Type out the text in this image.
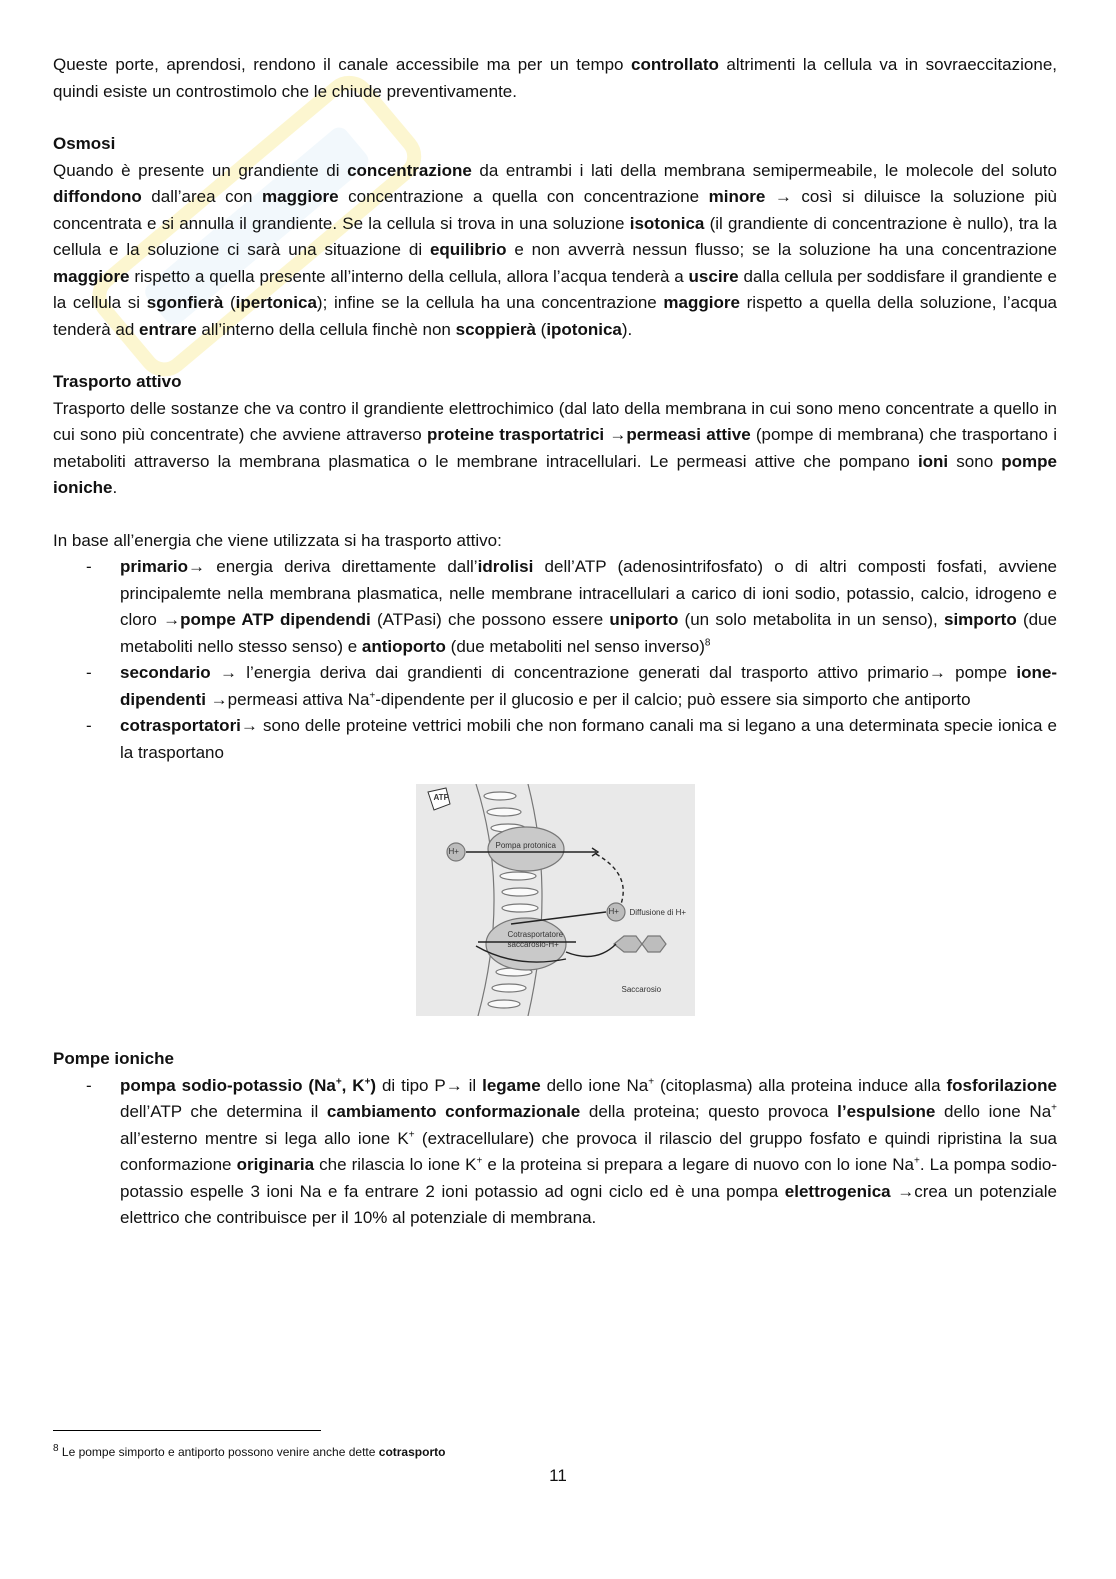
Queste porte, aprendosi, rendono il canale accessibile ma per un tempo controllato altrimenti la cellula va in sovraeccitazione, quindi esiste un controstimolo che le chiude preventivamente.

Osmosi

Quando è presente un grandiente di concentrazione da entrambi i lati della membrana semipermeabile, le molecole del soluto diffondono dall’area con maggiore concentrazione a quella con concentrazione minore → così si diluisce la soluzione più concentrata e si annulla il grandiente. Se la cellula si trova in una soluzione isotonica (il grandiente di concentrazione è nullo), tra la cellula e la soluzione ci sarà una situazione di equilibrio e non avverrà nessun flusso; se la soluzione ha una concentrazione maggiore rispetto a quella presente all’interno della cellula, allora l’acqua tenderà a uscire dalla cellula per soddisfare il grandiente e la cellula si sgonfierà (ipertonica); infine se la cellula ha una concentrazione maggiore rispetto a quella della soluzione, l’acqua tenderà ad entrare all’interno della cellula finchè non scoppierà (ipotonica).

Trasporto attivo

Trasporto delle sostanze che va contro il grandiente elettrochimico (dal lato della membrana in cui sono meno concentrate a quello in cui sono più concentrate) che avviene attraverso proteine trasportatrici →permeasi attive (pompe di membrana) che trasportano i metaboliti attraverso la membrana plasmatica o le membrane intracellulari. Le permeasi attive che pompano ioni sono pompe ioniche.

In base all’energia che viene utilizzata si ha trasporto attivo:

- primario→ energia deriva direttamente dall’idrolisi dell’ATP (adenosintrifosfato) o di altri composti fosfati, avviene principalemte nella membrana plasmatica, nelle membrane intracellulari a carico di ioni sodio, potassio, calcio, idrogeno e cloro →pompe ATP dipendendi (ATPasi) che possono essere uniporto (un solo metabolita in un senso), simporto (due metaboliti nello stesso senso) e antioporto (due metaboliti nel senso inverso)$^8$
- secondario → l’energia deriva dai grandienti di concentrazione generati dal trasporto attivo primario→ pompe ione-dipendenti →permeasi attiva Na+-dipendente per il glucosio e per il calcio; può essere sia simporto che antiporto
- cotrasportatori→ sono delle proteine vettrici mobili che non formano canali ma si legano a una determinata specie ionica e la trasportano
ATP
H+
Pompa protonica
H+ Diffusione di H+
Cotrasportatore
saccarosio-H+
Saccarosio
Pompe ioniche
- pompa sodio-potassio (Na+, K+) di tipo P→ il legame dello ione Na+ (citoplasma) alla proteina induce alla fosforilazione dell’ATP che determina il cambiamento conformazionale della proteina; questo provoca l’espulsione dello ione Na+ all’esterno mentre si lega allo ione K+ (extracellulare) che provoca il rilascio del gruppo fosfato e quindi ripristina la sua conformazione originaria che rilascia lo ione K+ e la proteina si prepara a legare di nuovo con lo ione Na+. La pompa sodio-potassio espelle 3 ioni Na e fa entrare 2 ioni potassio ad ogni ciclo ed è una pompa elettrogenica →crea un potenziale elettrico che contribuisce per il 10% al potenziale di membrana.
$^8$ Le pompe simporto e antiporto possono venire anche dette cotrasporto
11
